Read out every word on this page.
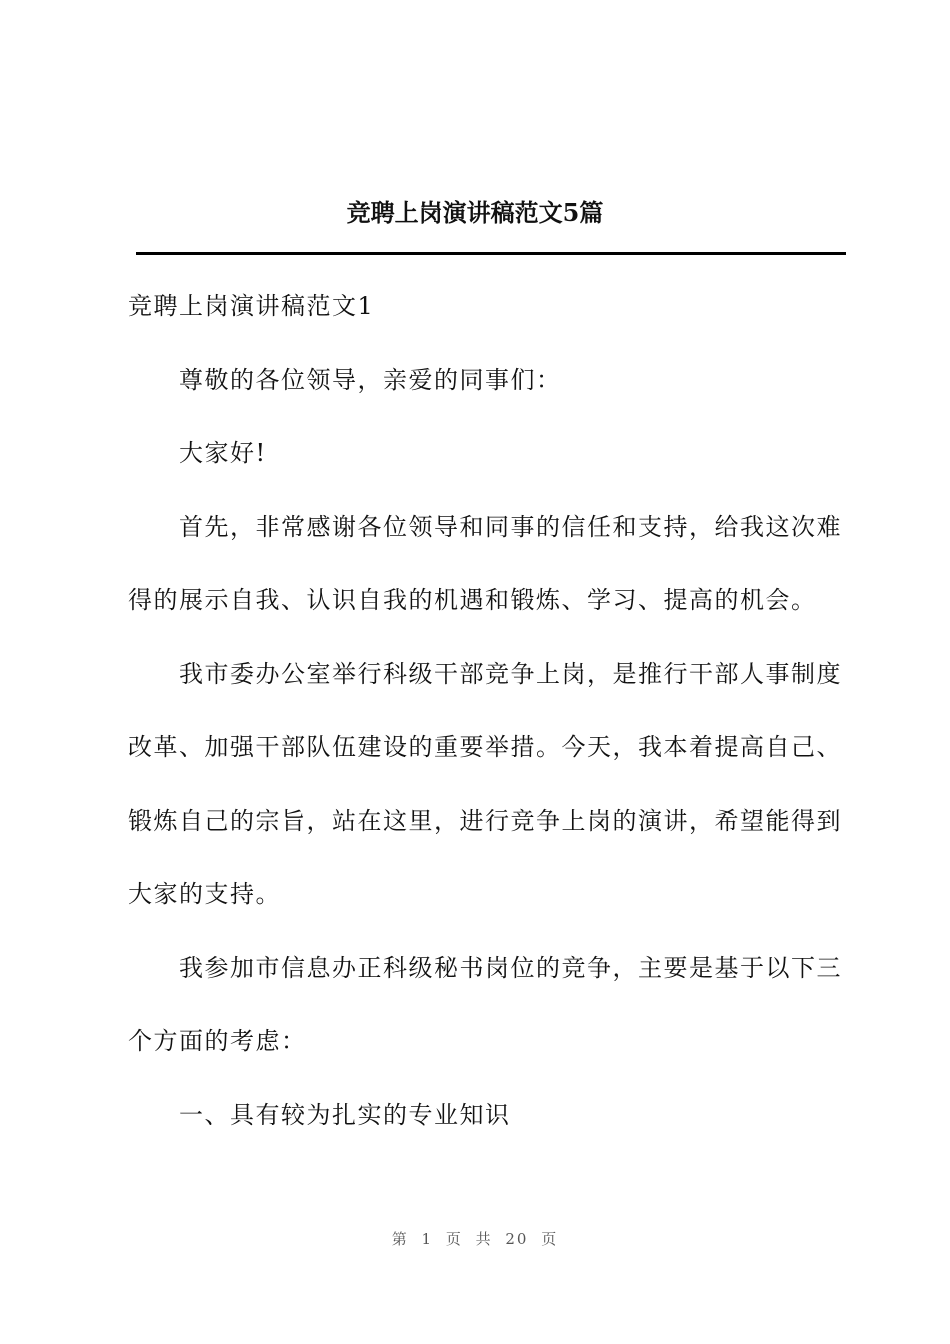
竞聘上岗演讲稿范文5篇

竞聘上岗演讲稿范文1

尊敬的各位领导，亲爱的同事们：

大家好!

首先，非常感谢各位领导和同事的信任和支持，给我这次难得的展示自我、认识自我的机遇和锻炼、学习、提高的机会。

我市委办公室举行科级干部竞争上岗，是推行干部人事制度改革、加强干部队伍建设的重要举措。今天，我本着提高自己、锻炼自己的宗旨，站在这里，进行竞争上岗的演讲，希望能得到大家的支持。

我参加市信息办正科级秘书岗位的竞争，主要是基于以下三个方面的考虑：

一、具有较为扎实的专业知识

第 1 页 共 20 页
